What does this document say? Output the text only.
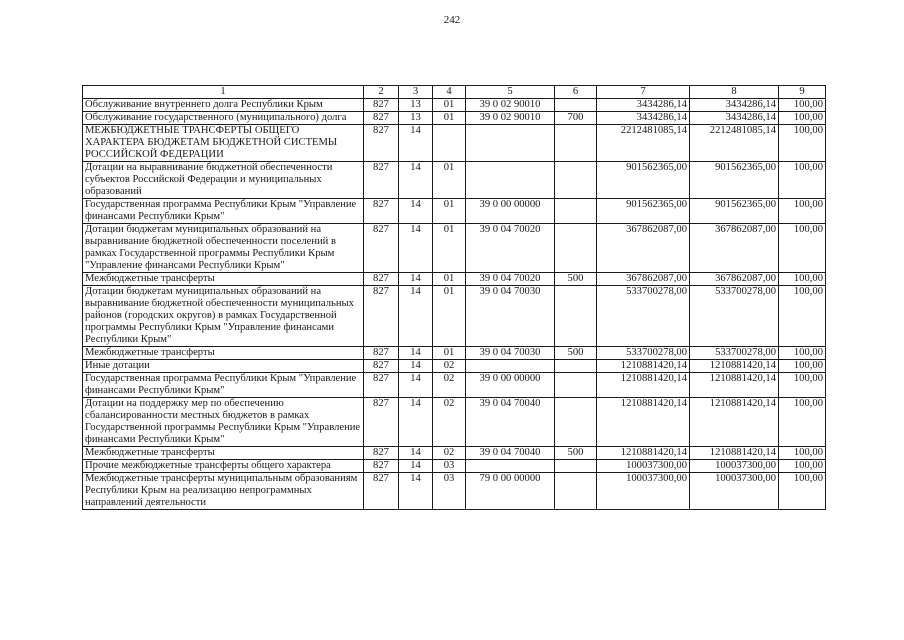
242
1	2	3	4	5	6	7	8	9
Обслуживание внутреннего долга Республики Крым	827	13	01	39 0 02 90010		3434286,14	3434286,14	100,00
Обслуживание государственного (муниципального) долга	827	13	01	39 0 02 90010	700	3434286,14	3434286,14	100,00
МЕЖБЮДЖЕТНЫЕ ТРАНСФЕРТЫ ОБЩЕГО ХАРАКТЕРА БЮДЖЕТАМ БЮДЖЕТНОЙ СИСТЕМЫ РОССИЙСКОЙ ФЕДЕРАЦИИ	827	14				2212481085,14	2212481085,14	100,00
Дотации на выравнивание бюджетной обеспеченности субъектов Российской Федерации и муниципальных образований	827	14	01			901562365,00	901562365,00	100,00
Государственная программа Республики Крым "Управление финансами Республики Крым"	827	14	01	39 0 00 00000		901562365,00	901562365,00	100,00
Дотации бюджетам муниципальных образований на выравнивание бюджетной обеспеченности поселений в рамках Государственной программы Республики Крым "Управление финансами Республики Крым"	827	14	01	39 0 04 70020		367862087,00	367862087,00	100,00
Межбюджетные трансферты	827	14	01	39 0 04 70020	500	367862087,00	367862087,00	100,00
Дотации бюджетам муниципальных образований на выравнивание бюджетной обеспеченности муниципальных районов (городских округов) в рамках Государственной программы Республики Крым "Управление финансами Республики Крым"	827	14	01	39 0 04 70030		533700278,00	533700278,00	100,00
Межбюджетные трансферты	827	14	01	39 0 04 70030	500	533700278,00	533700278,00	100,00
Иные дотации	827	14	02			1210881420,14	1210881420,14	100,00
Государственная программа Республики Крым "Управление финансами Республики Крым"	827	14	02	39 0 00 00000		1210881420,14	1210881420,14	100,00
Дотации на поддержку мер по обеспечению сбалансированности местных бюджетов в рамках Государственной программы Республики Крым "Управление финансами Республики Крым"	827	14	02	39 0 04 70040		1210881420,14	1210881420,14	100,00
Межбюджетные трансферты	827	14	02	39 0 04 70040	500	1210881420,14	1210881420,14	100,00
Прочие межбюджетные трансферты общего характера	827	14	03			100037300,00	100037300,00	100,00
Межбюджетные трансферты муниципальным образованиям Республики Крым на реализацию непрограммных направлений деятельности	827	14	03	79 0 00 00000		100037300,00	100037300,00	100,00
